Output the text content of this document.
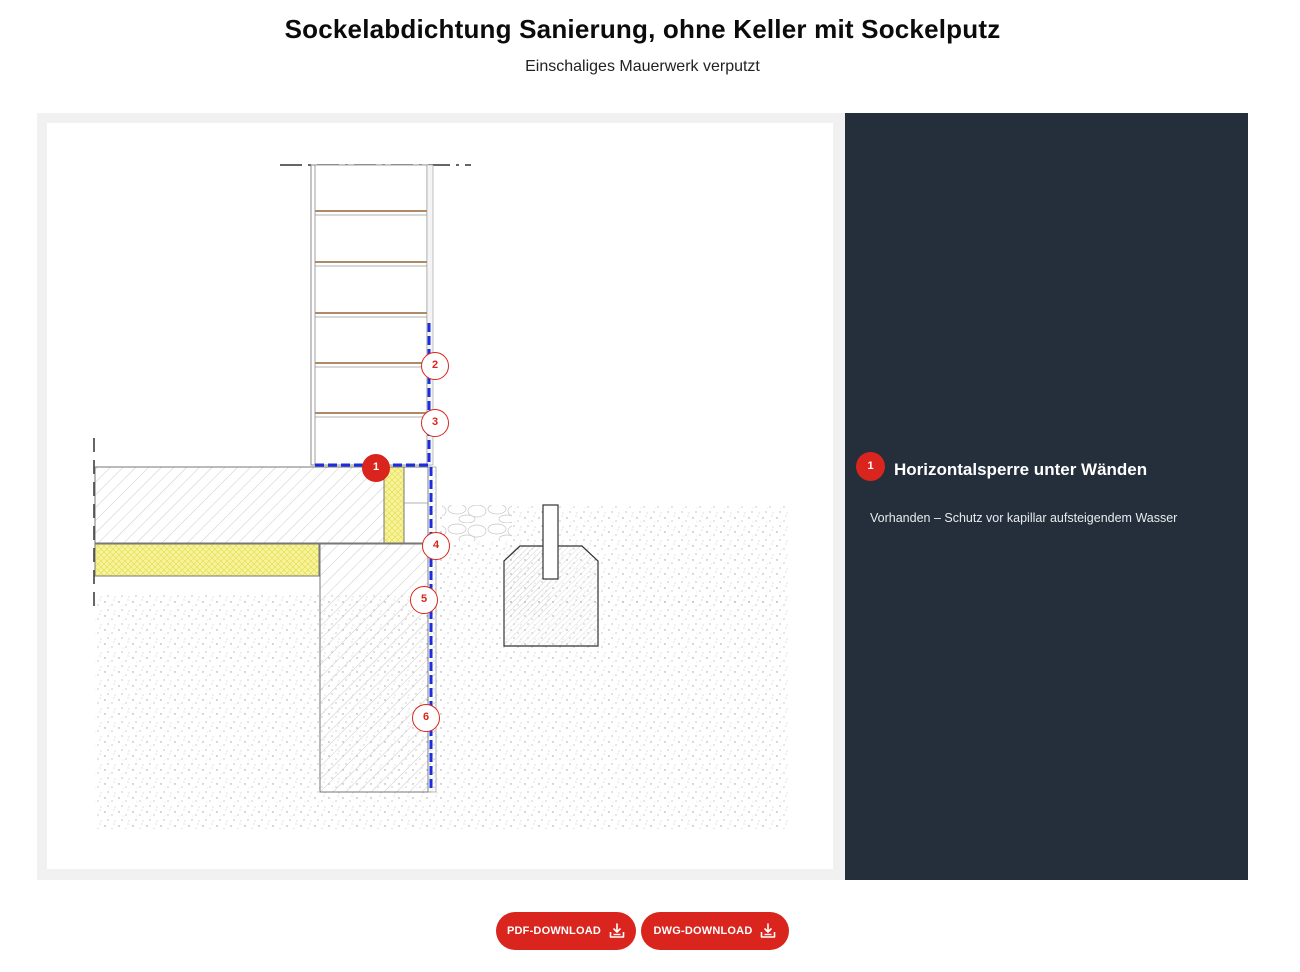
Sockelabdichtung Sanierung, ohne Keller mit Sockelputz
Einschaliges Mauerwerk verputzt
1
2
3
4
5
6
1	Horizontalsperre unter Wänden
Vorhanden – Schutz vor kapillar aufsteigendem Wasser
PDF-DOWNLOAD	DWG-DOWNLOAD
